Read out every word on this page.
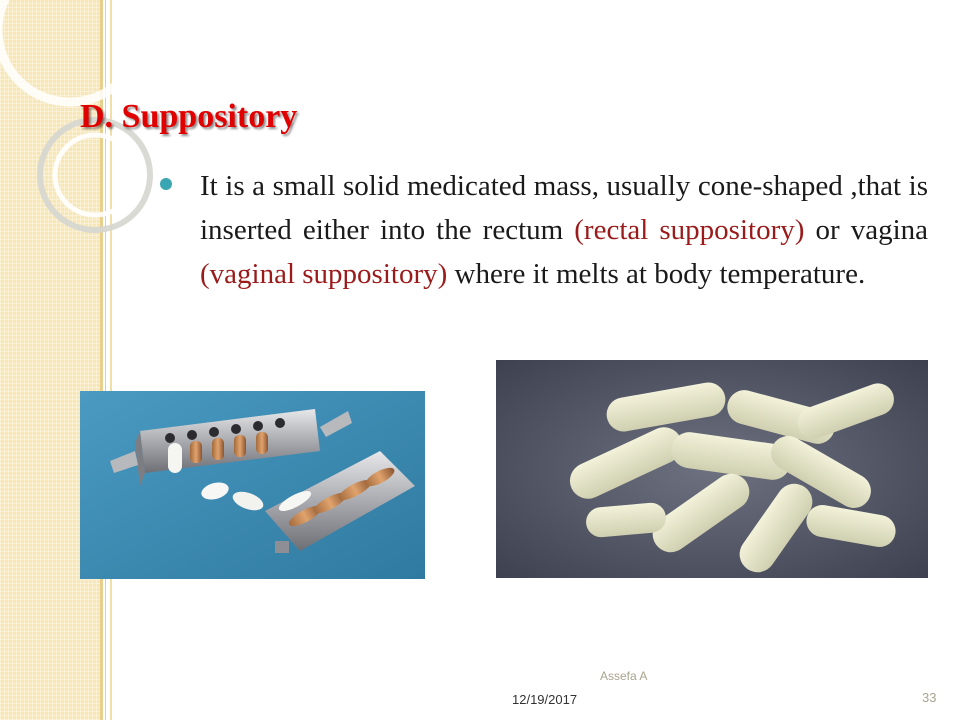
D. Suppository

It is a small solid medicated mass, usually cone-shaped ,that is inserted either into the rectum (rectal suppository) or vagina (vaginal suppository) where it melts at body temperature.

Assefa A
12/19/2017	33
